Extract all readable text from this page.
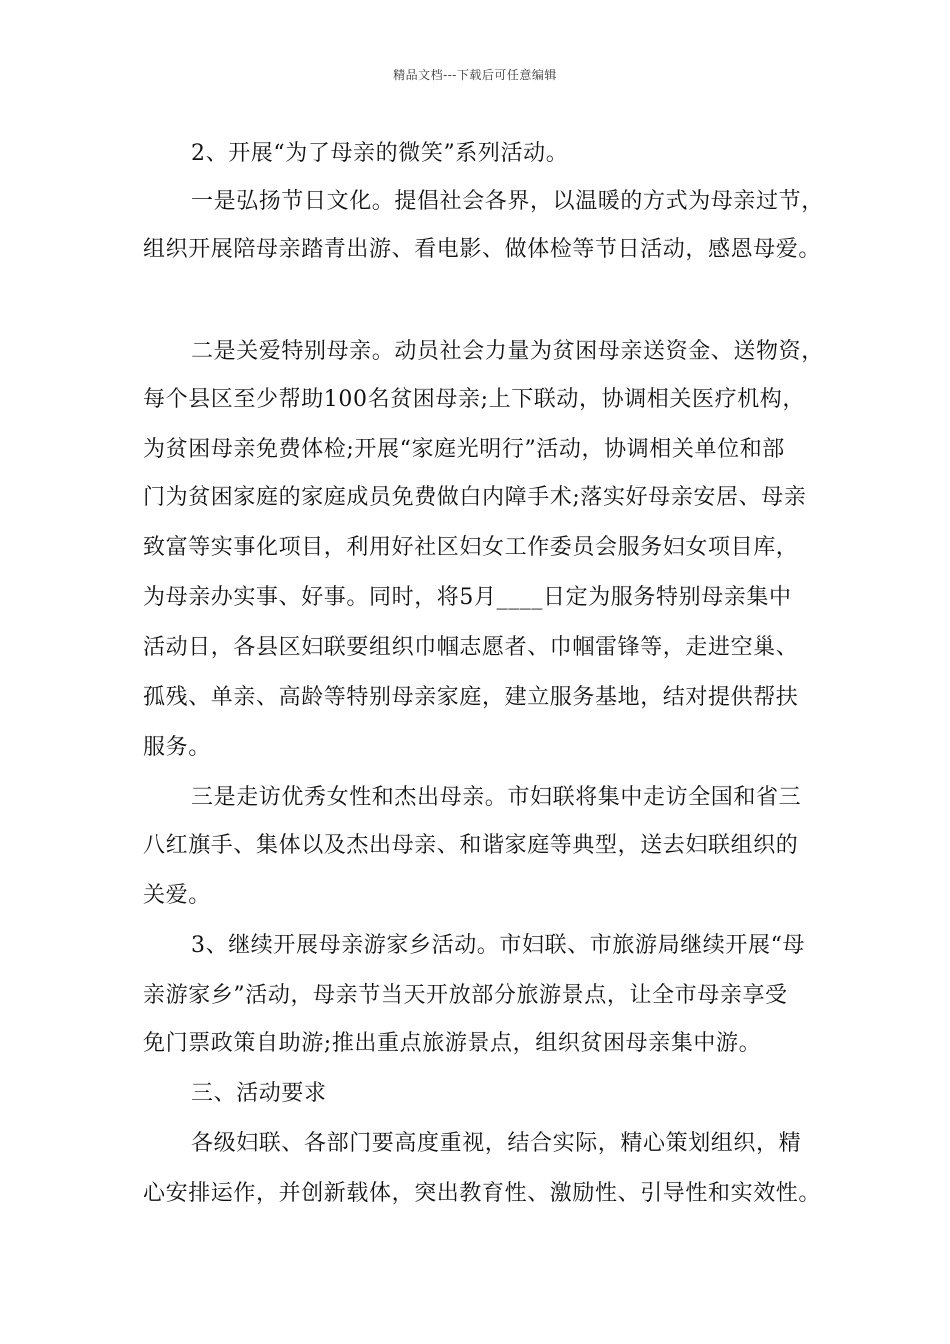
精品文档---下载后可任意编辑
2、开展“为了母亲的微笑”系列活动。
一是弘扬节日文化。提倡社会各界，以温暖的方式为母亲过节，
组织开展陪母亲踏青出游、看电影、做体检等节日活动，感恩母爱。
二是关爱特别母亲。动员社会力量为贫困母亲送资金、送物资，
每个县区至少帮助100名贫困母亲;上下联动，协调相关医疗机构，
为贫困母亲免费体检;开展“家庭光明行”活动，协调相关单位和部
门为贫困家庭的家庭成员免费做白内障手术;落实好母亲安居、母亲
致富等实事化项目，利用好社区妇女工作委员会服务妇女项目库，
为母亲办实事、好事。同时，将5月____日定为服务特别母亲集中
活动日，各县区妇联要组织巾帼志愿者、巾帼雷锋等，走进空巢、
孤残、单亲、高龄等特别母亲家庭，建立服务基地，结对提供帮扶
服务。
三是走访优秀女性和杰出母亲。市妇联将集中走访全国和省三
八红旗手、集体以及杰出母亲、和谐家庭等典型，送去妇联组织的
关爱。
3、继续开展母亲游家乡活动。市妇联、市旅游局继续开展“母
亲游家乡”活动，母亲节当天开放部分旅游景点，让全市母亲享受
免门票政策自助游;推出重点旅游景点，组织贫困母亲集中游。
三、活动要求
各级妇联、各部门要高度重视，结合实际，精心策划组织，精
心安排运作，并创新载体，突出教育性、激励性、引导性和实效性。
